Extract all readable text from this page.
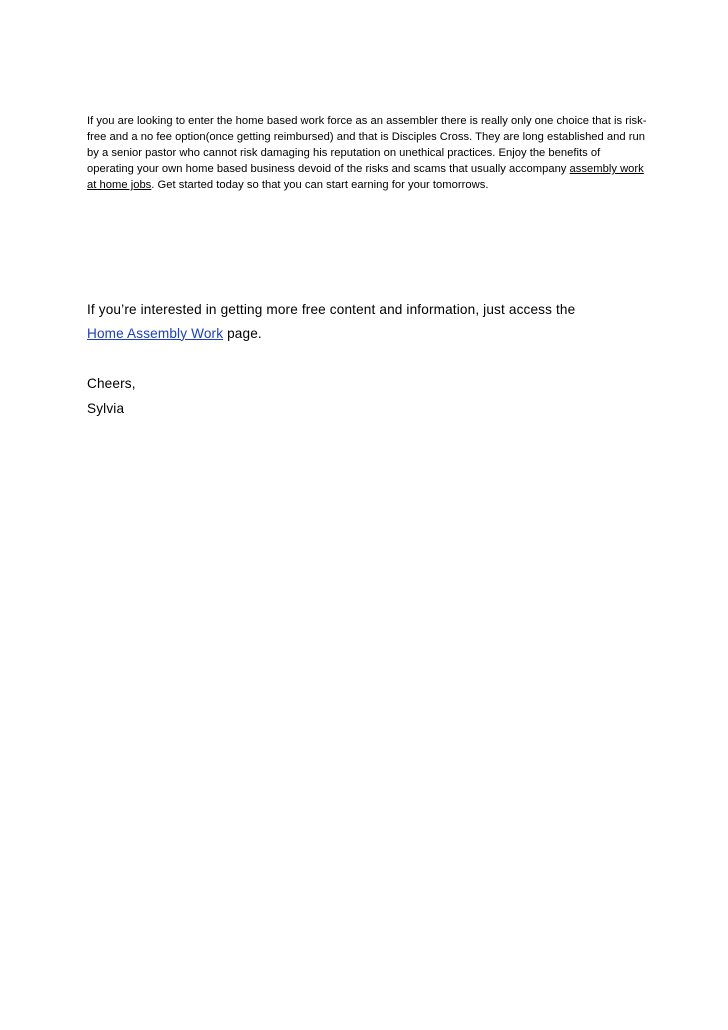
If you are looking to enter the home based work force as an assembler there is really only one choice that is risk-free and a no fee option(once getting reimbursed) and that is Disciples Cross. They are long established and run by a senior pastor who cannot risk damaging his reputation on unethical practices. Enjoy the benefits of operating your own home based business devoid of the risks and scams that usually accompany assembly work at home jobs. Get started today so that you can start earning for your tomorrows.

If you’re interested in getting more free content and information, just access the
Home Assembly Work page.

Cheers,
Sylvia
